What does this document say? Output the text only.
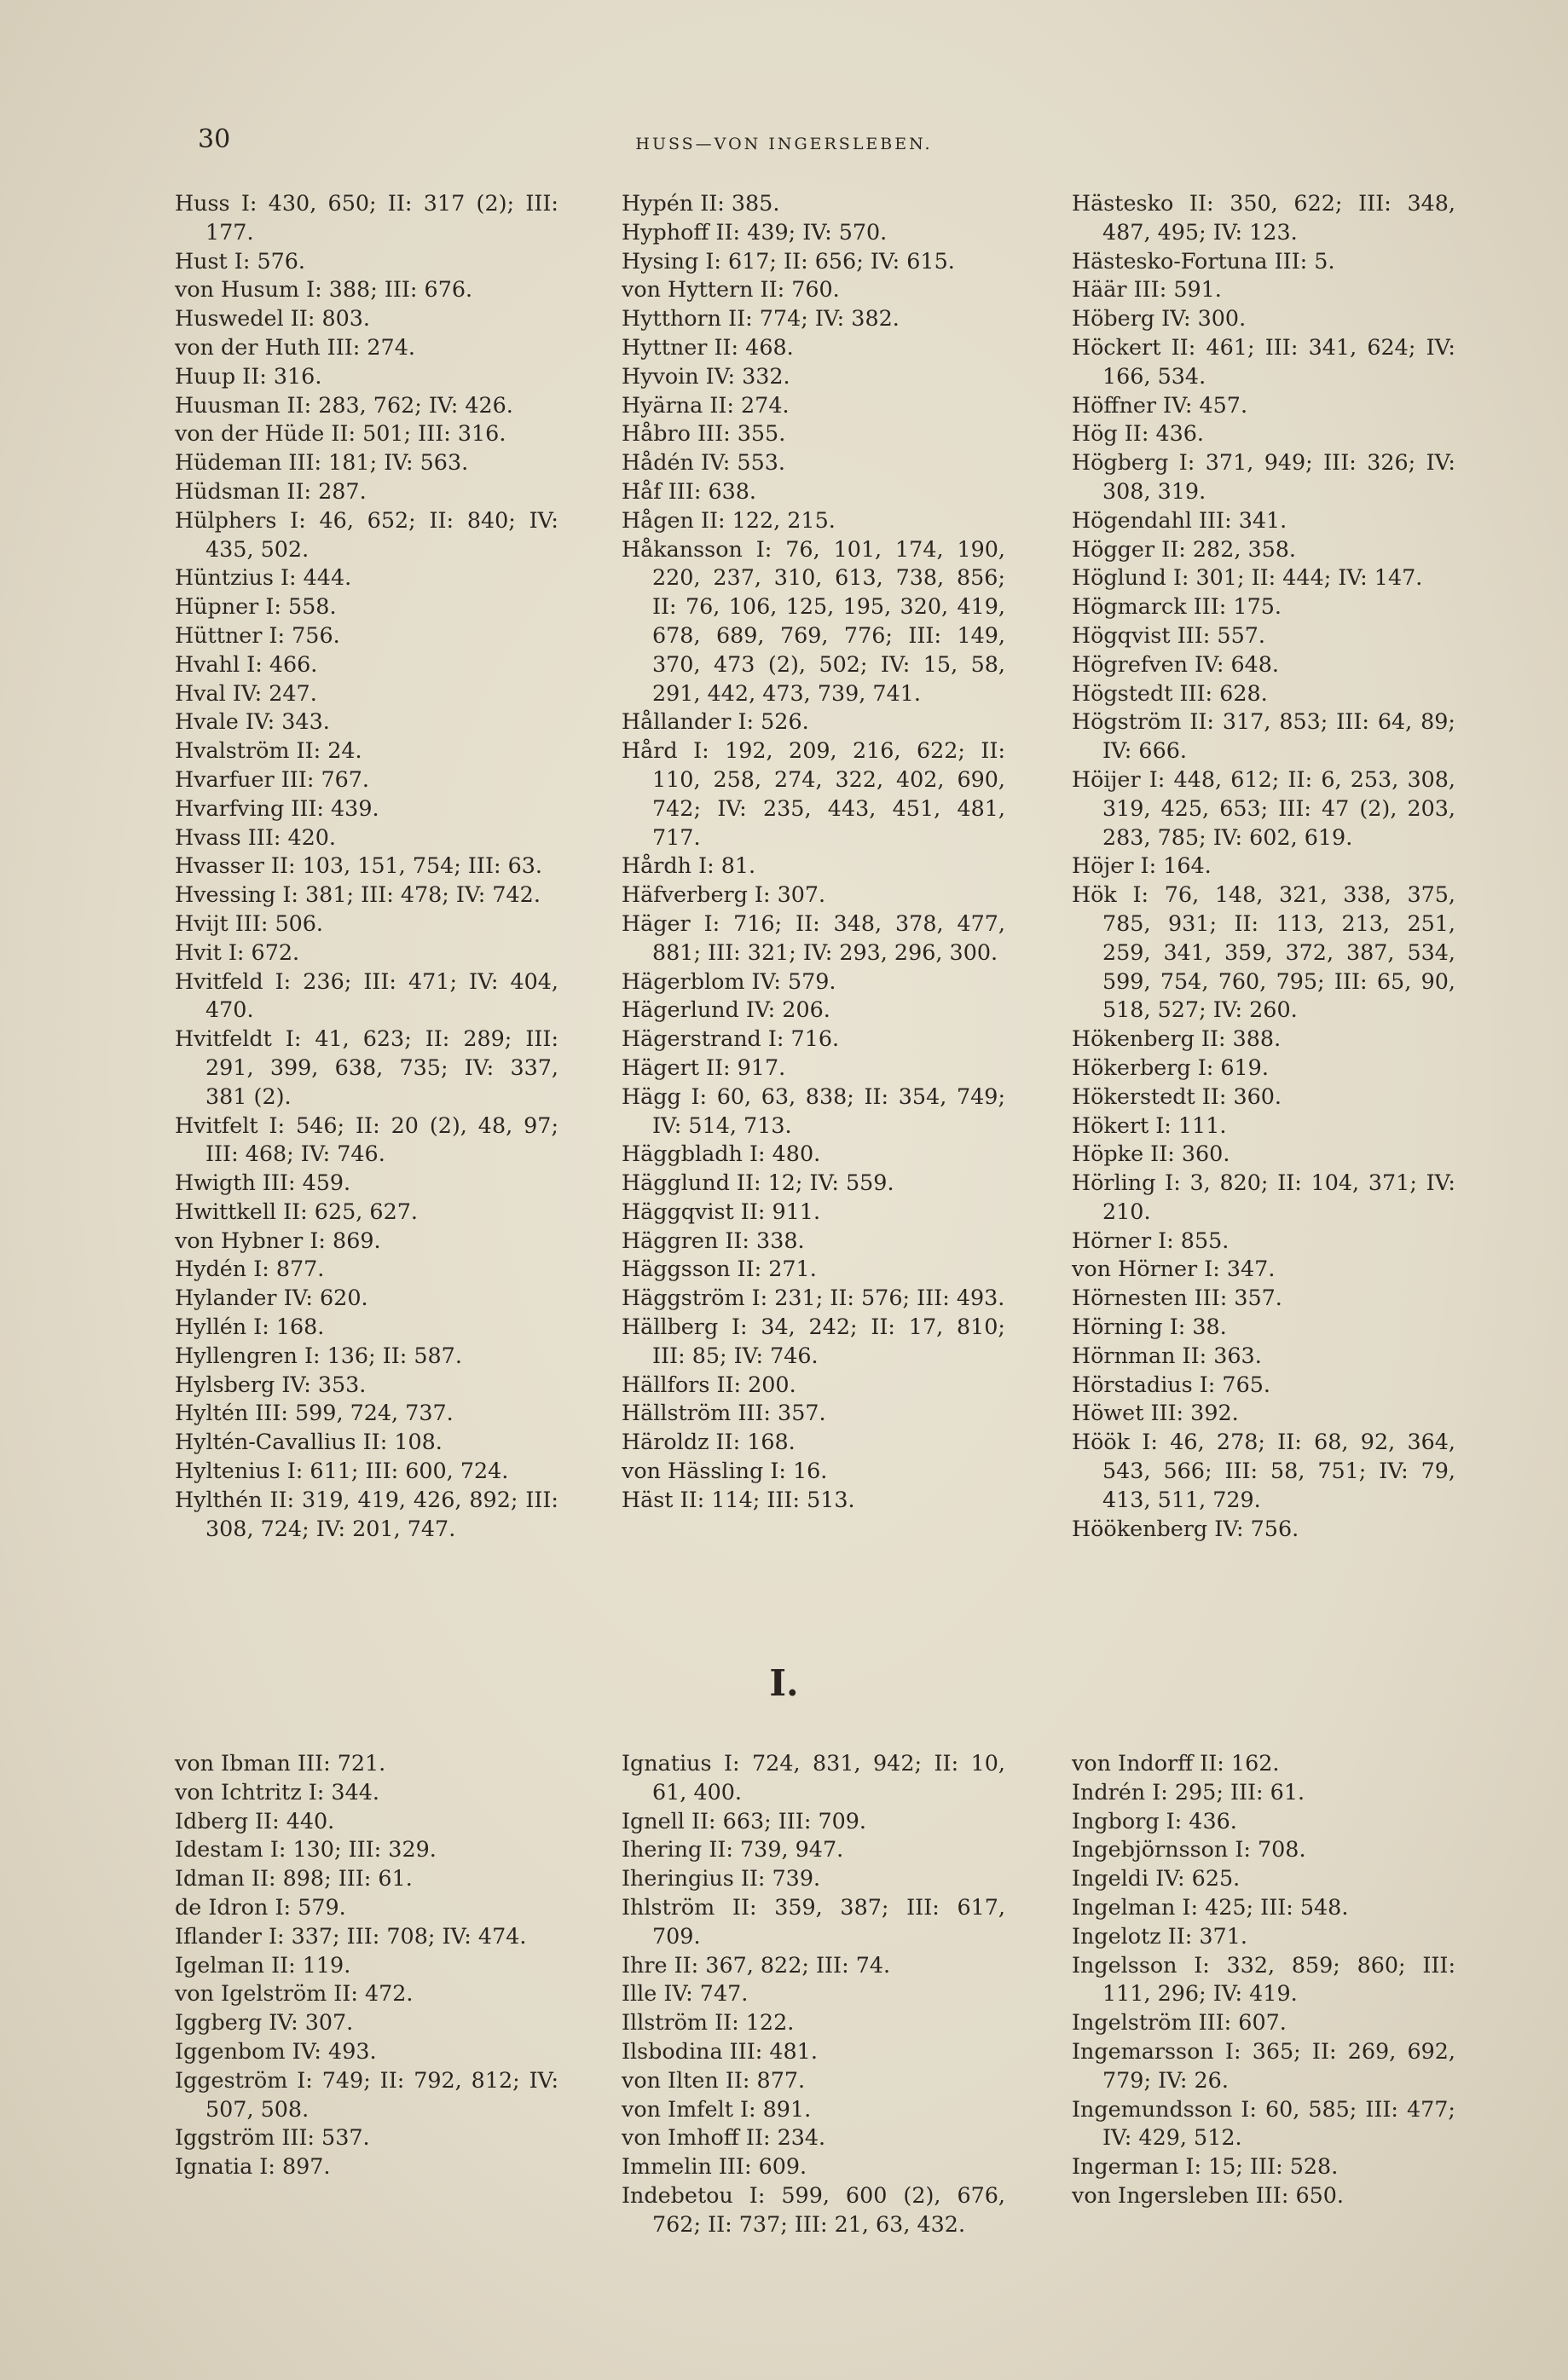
30	HUSS—VON INGERSLEBEN.
Huss I: 430, 650; II: 317 (2); III: 177.
Hust I: 576.
von Husum I: 388; III: 676.
Huswedel II: 803.
von der Huth III: 274.
Huup II: 316.
Huusman II: 283, 762; IV: 426.
von der Hüde II: 501; III: 316.
Hüdeman III: 181; IV: 563.
Hüdsman II: 287.
Hülphers I: 46, 652; II: 840; IV: 435, 502.
Hüntzius I: 444.
Hüpner I: 558.
Hüttner I: 756.
Hvahl I: 466.
Hval IV: 247.
Hvale IV: 343.
Hvalström II: 24.
Hvarfuer III: 767.
Hvarfving III: 439.
Hvass III: 420.
Hvasser II: 103, 151, 754; III: 63.
Hvessing I: 381; III: 478; IV: 742.
Hvijt III: 506.
Hvit I: 672.
Hvitfeld I: 236; III: 471; IV: 404, 470.
Hvitfeldt I: 41, 623; II: 289; III: 291, 399, 638, 735; IV: 337, 381 (2).
Hvitfelt I: 546; II: 20 (2), 48, 97; III: 468; IV: 746.
Hwigth III: 459.
Hwittkell II: 625, 627.
von Hybner I: 869.
Hydén I: 877.
Hylander IV: 620.
Hyllén I: 168.
Hyllengren I: 136; II: 587.
Hylsberg IV: 353.
Hyltén III: 599, 724, 737.
Hyltén-Cavallius II: 108.
Hyltenius I: 611; III: 600, 724.
Hylthén II: 319, 419, 426, 892; III: 308, 724; IV: 201, 747.
Hypén II: 385.
Hyphoff II: 439; IV: 570.
Hysing I: 617; II: 656; IV: 615.
von Hyttern II: 760.
Hytthorn II: 774; IV: 382.
Hyttner II: 468.
Hyvoin IV: 332.
Hyärna II: 274.
Håbro III: 355.
Hådén IV: 553.
Håf III: 638.
Hågen II: 122, 215.
Håkansson I: 76, 101, 174, 190, 220, 237, 310, 613, 738, 856; II: 76, 106, 125, 195, 320, 419, 678, 689, 769, 776; III: 149, 370, 473 (2), 502; IV: 15, 58, 291, 442, 473, 739, 741.
Hållander I: 526.
Hård I: 192, 209, 216, 622; II: 110, 258, 274, 322, 402, 690, 742; IV: 235, 443, 451, 481, 717.
Hårdh I: 81.
Häfverberg I: 307.
Häger I: 716; II: 348, 378, 477, 881; III: 321; IV: 293, 296, 300.
Hägerblom IV: 579.
Hägerlund IV: 206.
Hägerstrand I: 716.
Hägert II: 917.
Hägg I: 60, 63, 838; II: 354, 749; IV: 514, 713.
Häggbladh I: 480.
Hägglund II: 12; IV: 559.
Häggqvist II: 911.
Häggren II: 338.
Häggsson II: 271.
Häggström I: 231; II: 576; III: 493.
Hällberg I: 34, 242; II: 17, 810; III: 85; IV: 746.
Hällfors II: 200.
Hällström III: 357.
Häroldz II: 168.
von Hässling I: 16.
Häst II: 114; III: 513.
Hästesko II: 350, 622; III: 348, 487, 495; IV: 123.
Hästesko-Fortuna III: 5.
Häär III: 591.
Höberg IV: 300.
Höckert II: 461; III: 341, 624; IV: 166, 534.
Höffner IV: 457.
Hög II: 436.
Högberg I: 371, 949; III: 326; IV: 308, 319.
Högendahl III: 341.
Högger II: 282, 358.
Höglund I: 301; II: 444; IV: 147.
Högmarck III: 175.
Högqvist III: 557.
Högrefven IV: 648.
Högstedt III: 628.
Högström II: 317, 853; III: 64, 89; IV: 666.
Höijer I: 448, 612; II: 6, 253, 308, 319, 425, 653; III: 47 (2), 203, 283, 785; IV: 602, 619.
Höjer I: 164.
Hök I: 76, 148, 321, 338, 375, 785, 931; II: 113, 213, 251, 259, 341, 359, 372, 387, 534, 599, 754, 760, 795; III: 65, 90, 518, 527; IV: 260.
Hökenberg II: 388.
Hökerberg I: 619.
Hökerstedt II: 360.
Hökert I: 111.
Höpke II: 360.
Hörling I: 3, 820; II: 104, 371; IV: 210.
Hörner I: 855.
von Hörner I: 347.
Hörnesten III: 357.
Hörning I: 38.
Hörnman II: 363.
Hörstadius I: 765.
Höwet III: 392.
Höök I: 46, 278; II: 68, 92, 364, 543, 566; III: 58, 751; IV: 79, 413, 511, 729.
Höökenberg IV: 756.
I.
von Ibman III: 721.
von Ichtritz I: 344.
Idberg II: 440.
Idestam I: 130; III: 329.
Idman II: 898; III: 61.
de Idron I: 579.
Iflander I: 337; III: 708; IV: 474.
Igelman II: 119.
von Igelström II: 472.
Iggberg IV: 307.
Iggenbom IV: 493.
Iggeström I: 749; II: 792, 812; IV: 507, 508.
Iggström III: 537.
Ignatia I: 897.
Ignatius I: 724, 831, 942; II: 10, 61, 400.
Ignell II: 663; III: 709.
Ihering II: 739, 947.
Iheringius II: 739.
Ihlström II: 359, 387; III: 617, 709.
Ihre II: 367, 822; III: 74.
Ille IV: 747.
Illström II: 122.
Ilsbodina III: 481.
von Ilten II: 877.
von Imfelt I: 891.
von Imhoff II: 234.
Immelin III: 609.
Indebetou I: 599, 600 (2), 676, 762; II: 737; III: 21, 63, 432.
von Indorff II: 162.
Indrén I: 295; III: 61.
Ingborg I: 436.
Ingebjörnsson I: 708.
Ingeldi IV: 625.
Ingelman I: 425; III: 548.
Ingelotz II: 371.
Ingelsson I: 332, 859; 860; III: 111, 296; IV: 419.
Ingelström III: 607.
Ingemarsson I: 365; II: 269, 692, 779; IV: 26.
Ingemundsson I: 60, 585; III: 477; IV: 429, 512.
Ingerman I: 15; III: 528.
von Ingersleben III: 650.
